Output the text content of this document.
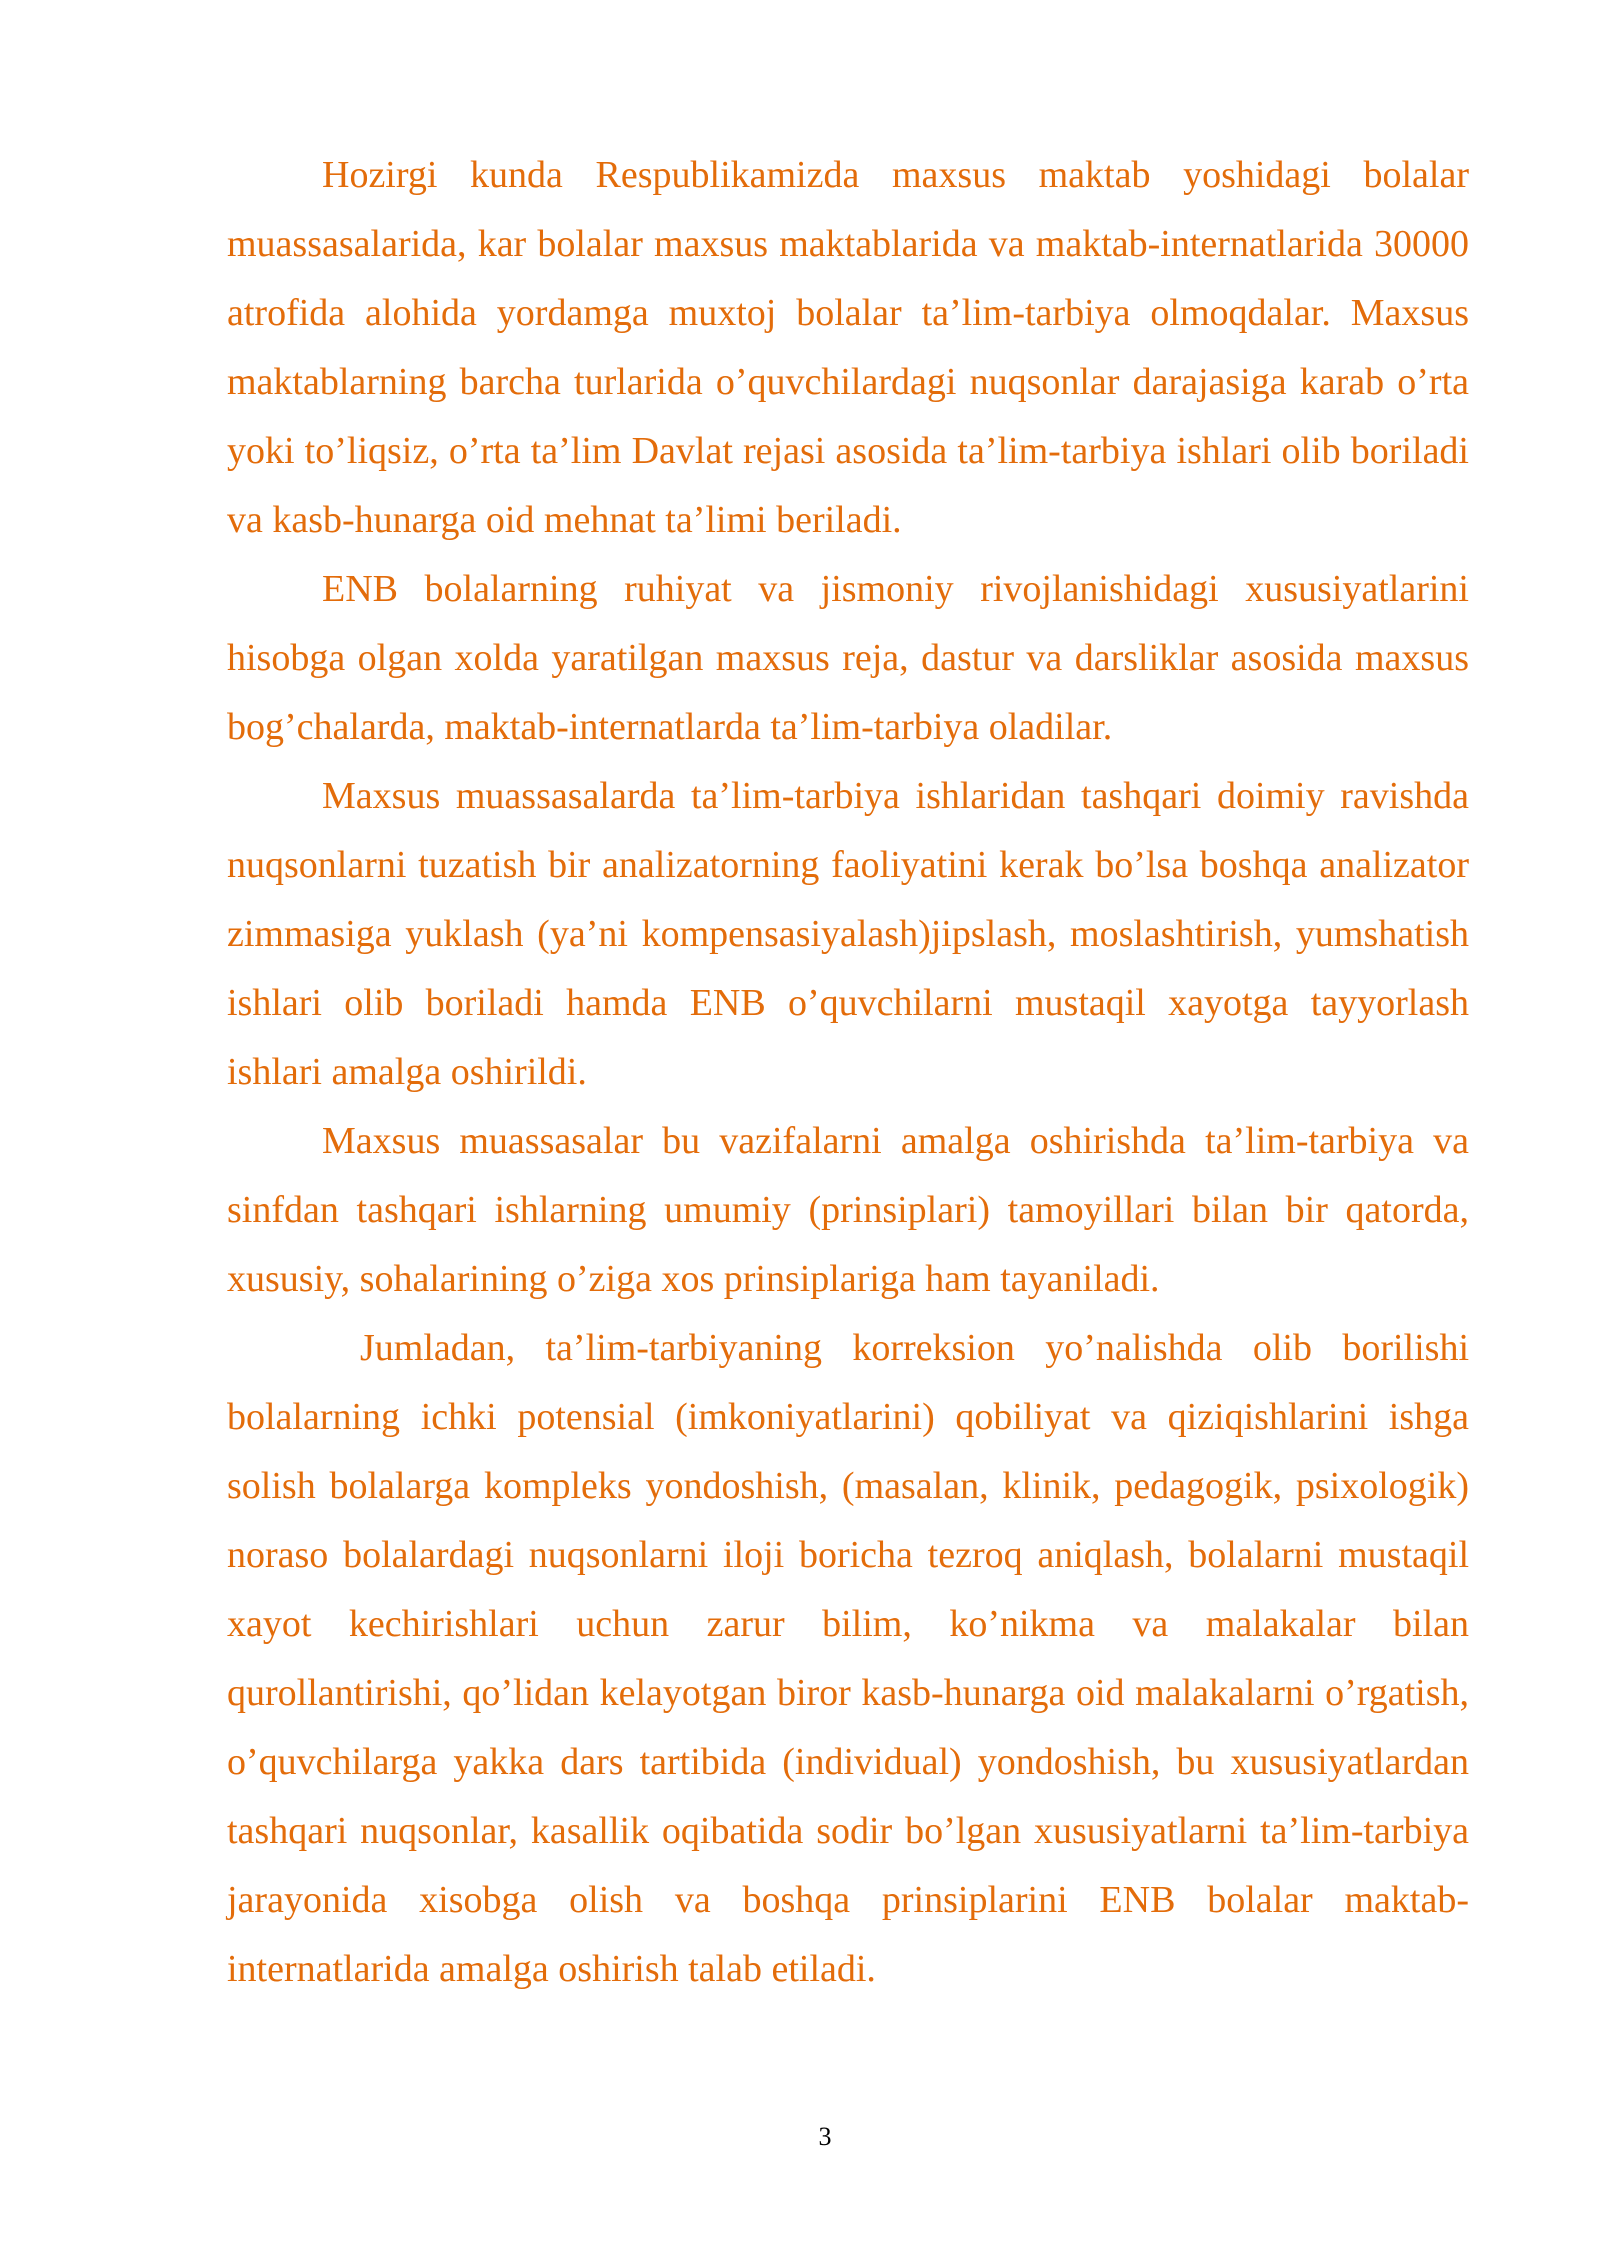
Hozirgi kunda Respublikamizda maxsus maktab yoshidagi bolalar muassasalarida, kar bolalar maxsus maktablarida va maktab-internatlarida 30000 atrofida alohida yordamga muxtoj bolalar ta’lim-tarbiya olmoqdalar. Maxsus maktablarning barcha turlarida o’quvchilardagi nuqsonlar darajasiga karab o’rta yoki to’liqsiz, o’rta ta’lim Davlat rejasi asosida ta’lim-tarbiya ishlari olib boriladi va kasb-hunarga oid mehnat ta’limi beriladi.

ENB bolalarning ruhiyat va jismoniy rivojlanishidagi xususiyatlarini hisobga olgan xolda yaratilgan maxsus reja, dastur va darsliklar asosida maxsus bog’chalarda, maktab-internatlarda ta’lim-tarbiya oladilar.

Maxsus muassasalarda ta’lim-tarbiya ishlaridan tashqari doimiy ravishda nuqsonlarni tuzatish bir analizatorning faoliyatini kerak bo’lsa boshqa analizator zimmasiga yuklash (ya’ni kompensasiyalash)jipslash, moslashtirish, yumshatish ishlari olib boriladi hamda ENB o’quvchilarni mustaqil xayotga tayyorlash ishlari amalga oshirildi.

Maxsus muassasalar bu vazifalarni amalga oshirishda ta’lim-tarbiya va sinfdan tashqari ishlarning umumiy (prinsiplari) tamoyillari bilan bir qatorda, xususiy, sohalarining o’ziga xos prinsiplariga ham tayaniladi.

Jumladan, ta’lim-tarbiyaning korreksion yo’nalishda olib borilishi bolalarning ichki potensial (imkoniyatlarini) qobiliyat va qiziqishlarini ishga solish bolalarga kompleks yondoshish, (masalan, klinik, pedagogik, psixologik) noraso bolalardagi nuqsonlarni iloji boricha tezroq aniqlash, bolalarni mustaqil xayot kechirishlari uchun zarur bilim, ko’nikma va malakalar bilan qurollantirishi, qo’lidan kelayotgan biror kasb-hunarga oid malakalarni o’rgatish, o’quvchilarga yakka dars tartibida (individual) yondoshish, bu xususiyatlardan tashqari nuqsonlar, kasallik oqibatida sodir bo’lgan xususiyatlarni ta’lim-tarbiya jarayonida xisobga olish va boshqa prinsiplarini ENB bolalar maktab-internatlarida amalga oshirish talab etiladi.

3
